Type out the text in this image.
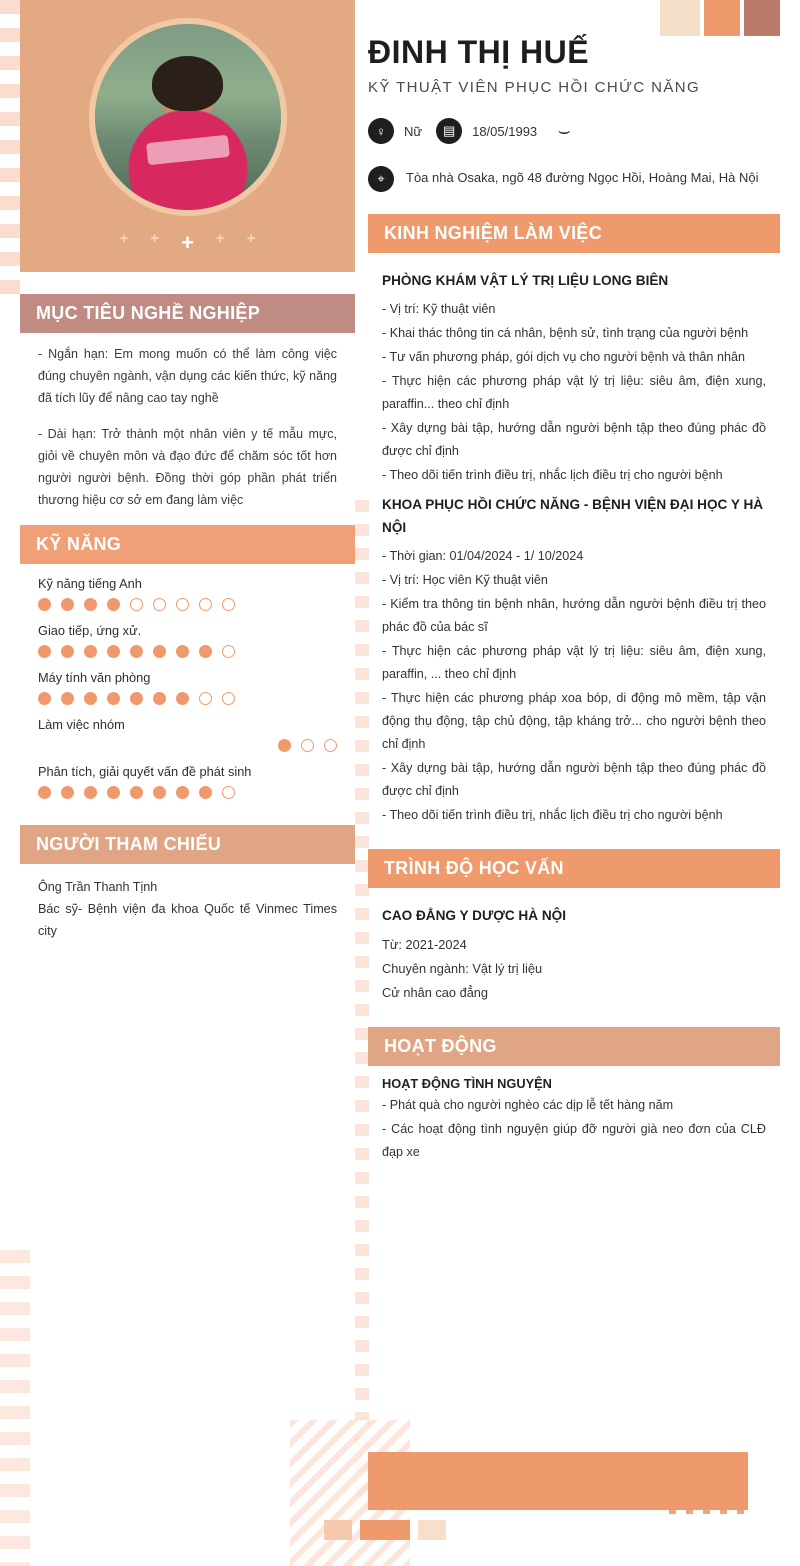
+ + + + +
MỤC TIÊU NGHỀ NGHIỆP

- Ngắn hạn: Em mong muốn có thể làm công việc đúng chuyên ngành, vận dụng các kiến thức, kỹ năng đã tích lũy để nâng cao tay nghề

- Dài hạn: Trở thành một nhân viên y tế mẫu mực, giỏi về chuyên môn và đạo đức để chăm sóc tốt hơn người người bệnh. Đồng thời góp phần phát triển thương hiệu cơ sở em đang làm việc

KỸ NĂNG
Kỹ năng tiếng Anh
Giao tiếp, ứng xử.
Máy tính văn phòng
Làm việc nhóm
Phân tích, giải quyết vấn đề phát sinh
NGƯỜI THAM CHIẾU

Ông Trần Thanh Tịnh

Bác sỹ- Bệnh viện đa khoa Quốc tế Vinmec Times city

ĐINH THỊ HUẾ
KỸ THUẬT VIÊN PHỤC HỒI CHỨC NĂNG
♀	Nữ	▤	18/05/1993	⌣
⌖	Tòa nhà Osaka, ngõ 48 đường Ngọc Hồi, Hoàng Mai, Hà Nội

KINH NGHIỆM LÀM VIỆC
PHÒNG KHÁM VẬT LÝ TRỊ LIỆU LONG BIÊN

- Vị trí: Kỹ thuật viên

- Khai thác thông tin cá nhân, bệnh sử, tình trạng của người bệnh

- Tư vấn phương pháp, gói dịch vụ cho người bệnh và thân nhân

- Thực hiện các phương pháp vật lý trị liệu: siêu âm, điện xung, paraffin... theo chỉ định

- Xây dựng bài tập, hướng dẫn người bệnh tập theo đúng phác đồ được chỉ định

- Theo dõi tiến trình điều trị, nhắc lịch điều trị cho người bệnh

KHOA PHỤC HỒI CHỨC NĂNG - BỆNH VIỆN ĐẠI HỌC Y HÀ NỘI

- Thời gian: 01/04/2024 - 1/ 10/2024

- Vị trí: Học viên Kỹ thuật viên

- Kiểm tra thông tin bệnh nhân, hướng dẫn người bệnh điều trị theo phác đồ của bác sĩ

- Thực hiện các phương pháp vật lý trị liệu: siêu âm, điện xung, paraffin, ... theo chỉ định

- Thực hiện các phương pháp xoa bóp, di động mô mềm, tập vận động thụ động, tập chủ động, tập kháng trở... cho người bệnh theo chỉ định

- Xây dựng bài tập, hướng dẫn người bệnh tập theo đúng phác đồ được chỉ định

- Theo dõi tiến trình điều trị, nhắc lịch điều trị cho người bệnh

TRÌNH ĐỘ HỌC VẤN
CAO ĐẲNG Y DƯỢC HÀ NỘI

Từ: 2021-2024

Chuyên ngành: Vật lý trị liệu

Cử nhân cao đẳng

HOẠT ĐỘNG
HOẠT ĐỘNG TÌNH NGUYỆN

- Phát quà cho người nghèo các dịp lễ tết hàng năm

- Các hoạt động tình nguyện giúp đỡ người già neo đơn của CLĐ đạp xe
